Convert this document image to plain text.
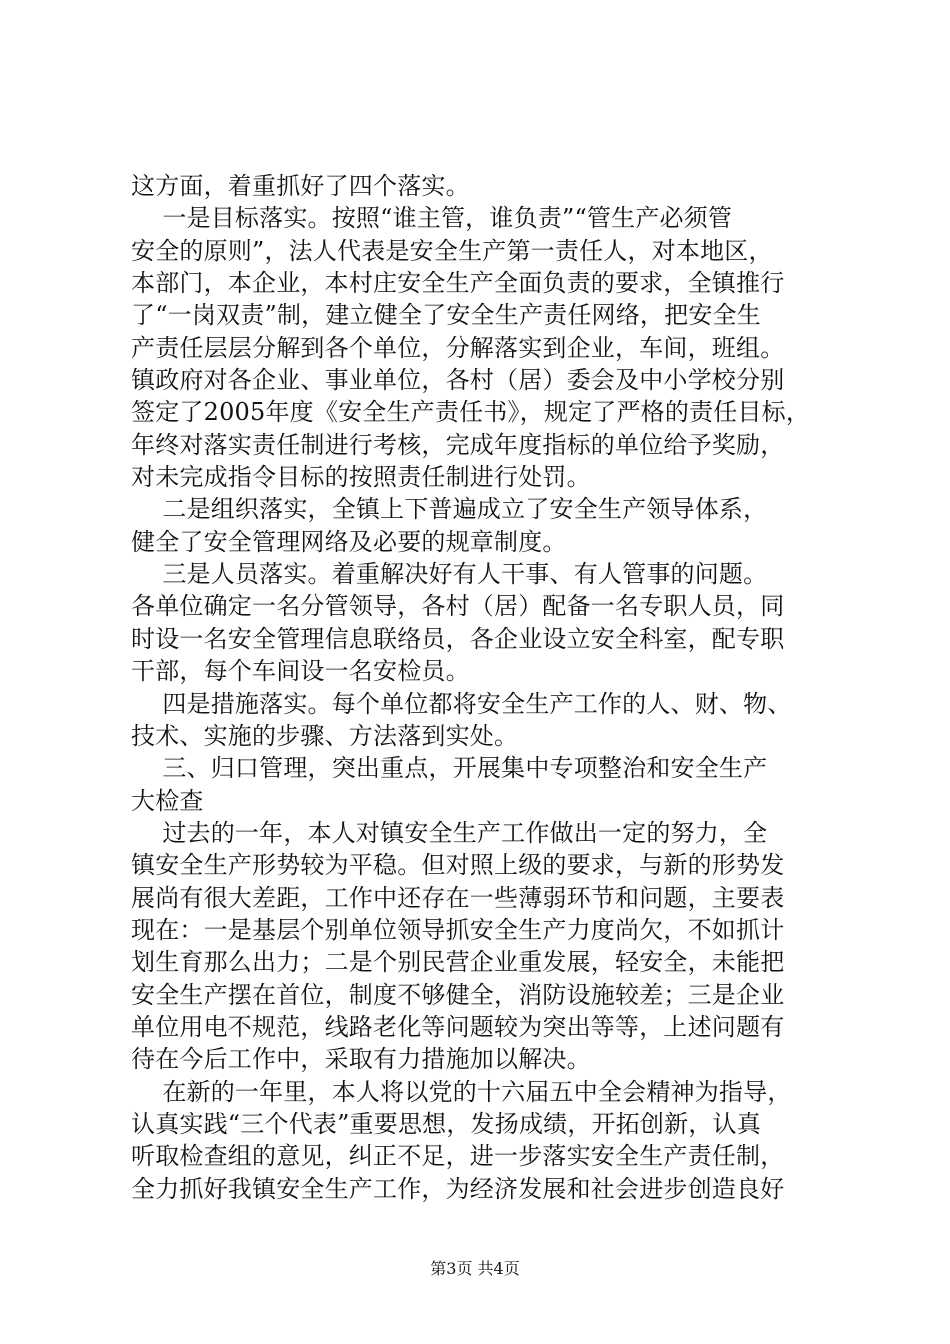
这方面，着重抓好了四个落实。
一是目标落实。按照“谁主管，谁负责”“管生产必须管
安全的原则”，法人代表是安全生产第一责任人，对本地区，
本部门，本企业，本村庄安全生产全面负责的要求，全镇推行
了“一岗双责”制，建立健全了安全生产责任网络，把安全生
产责任层层分解到各个单位，分解落实到企业，车间，班组。
镇政府对各企业、事业单位，各村（居）委会及中小学校分别
签定了2005年度《安全生产责任书》，规定了严格的责任目标，
年终对落实责任制进行考核，完成年度指标的单位给予奖励，
对未完成指令目标的按照责任制进行处罚。
二是组织落实，全镇上下普遍成立了安全生产领导体系，
健全了安全管理网络及必要的规章制度。
三是人员落实。着重解决好有人干事、有人管事的问题。
各单位确定一名分管领导，各村（居）配备一名专职人员，同
时设一名安全管理信息联络员，各企业设立安全科室，配专职
干部，每个车间设一名安检员。
四是措施落实。每个单位都将安全生产工作的人、财、物、
技术、实施的步骤、方法落到实处。
三、归口管理，突出重点，开展集中专项整治和安全生产
大检查
过去的一年，本人对镇安全生产工作做出一定的努力，全
镇安全生产形势较为平稳。但对照上级的要求，与新的形势发
展尚有很大差距，工作中还存在一些薄弱环节和问题，主要表
现在：一是基层个别单位领导抓安全生产力度尚欠，不如抓计
划生育那么出力；二是个别民营企业重发展，轻安全，未能把
安全生产摆在首位，制度不够健全，消防设施较差；三是企业
单位用电不规范，线路老化等问题较为突出等等，上述问题有
待在今后工作中，采取有力措施加以解决。
在新的一年里，本人将以党的十六届五中全会精神为指导，
认真实践“三个代表”重要思想，发扬成绩，开拓创新，认真
听取检查组的意见，纠正不足，进一步落实安全生产责任制，
全力抓好我镇安全生产工作，为经济发展和社会进步创造良好
第3页 共4页
